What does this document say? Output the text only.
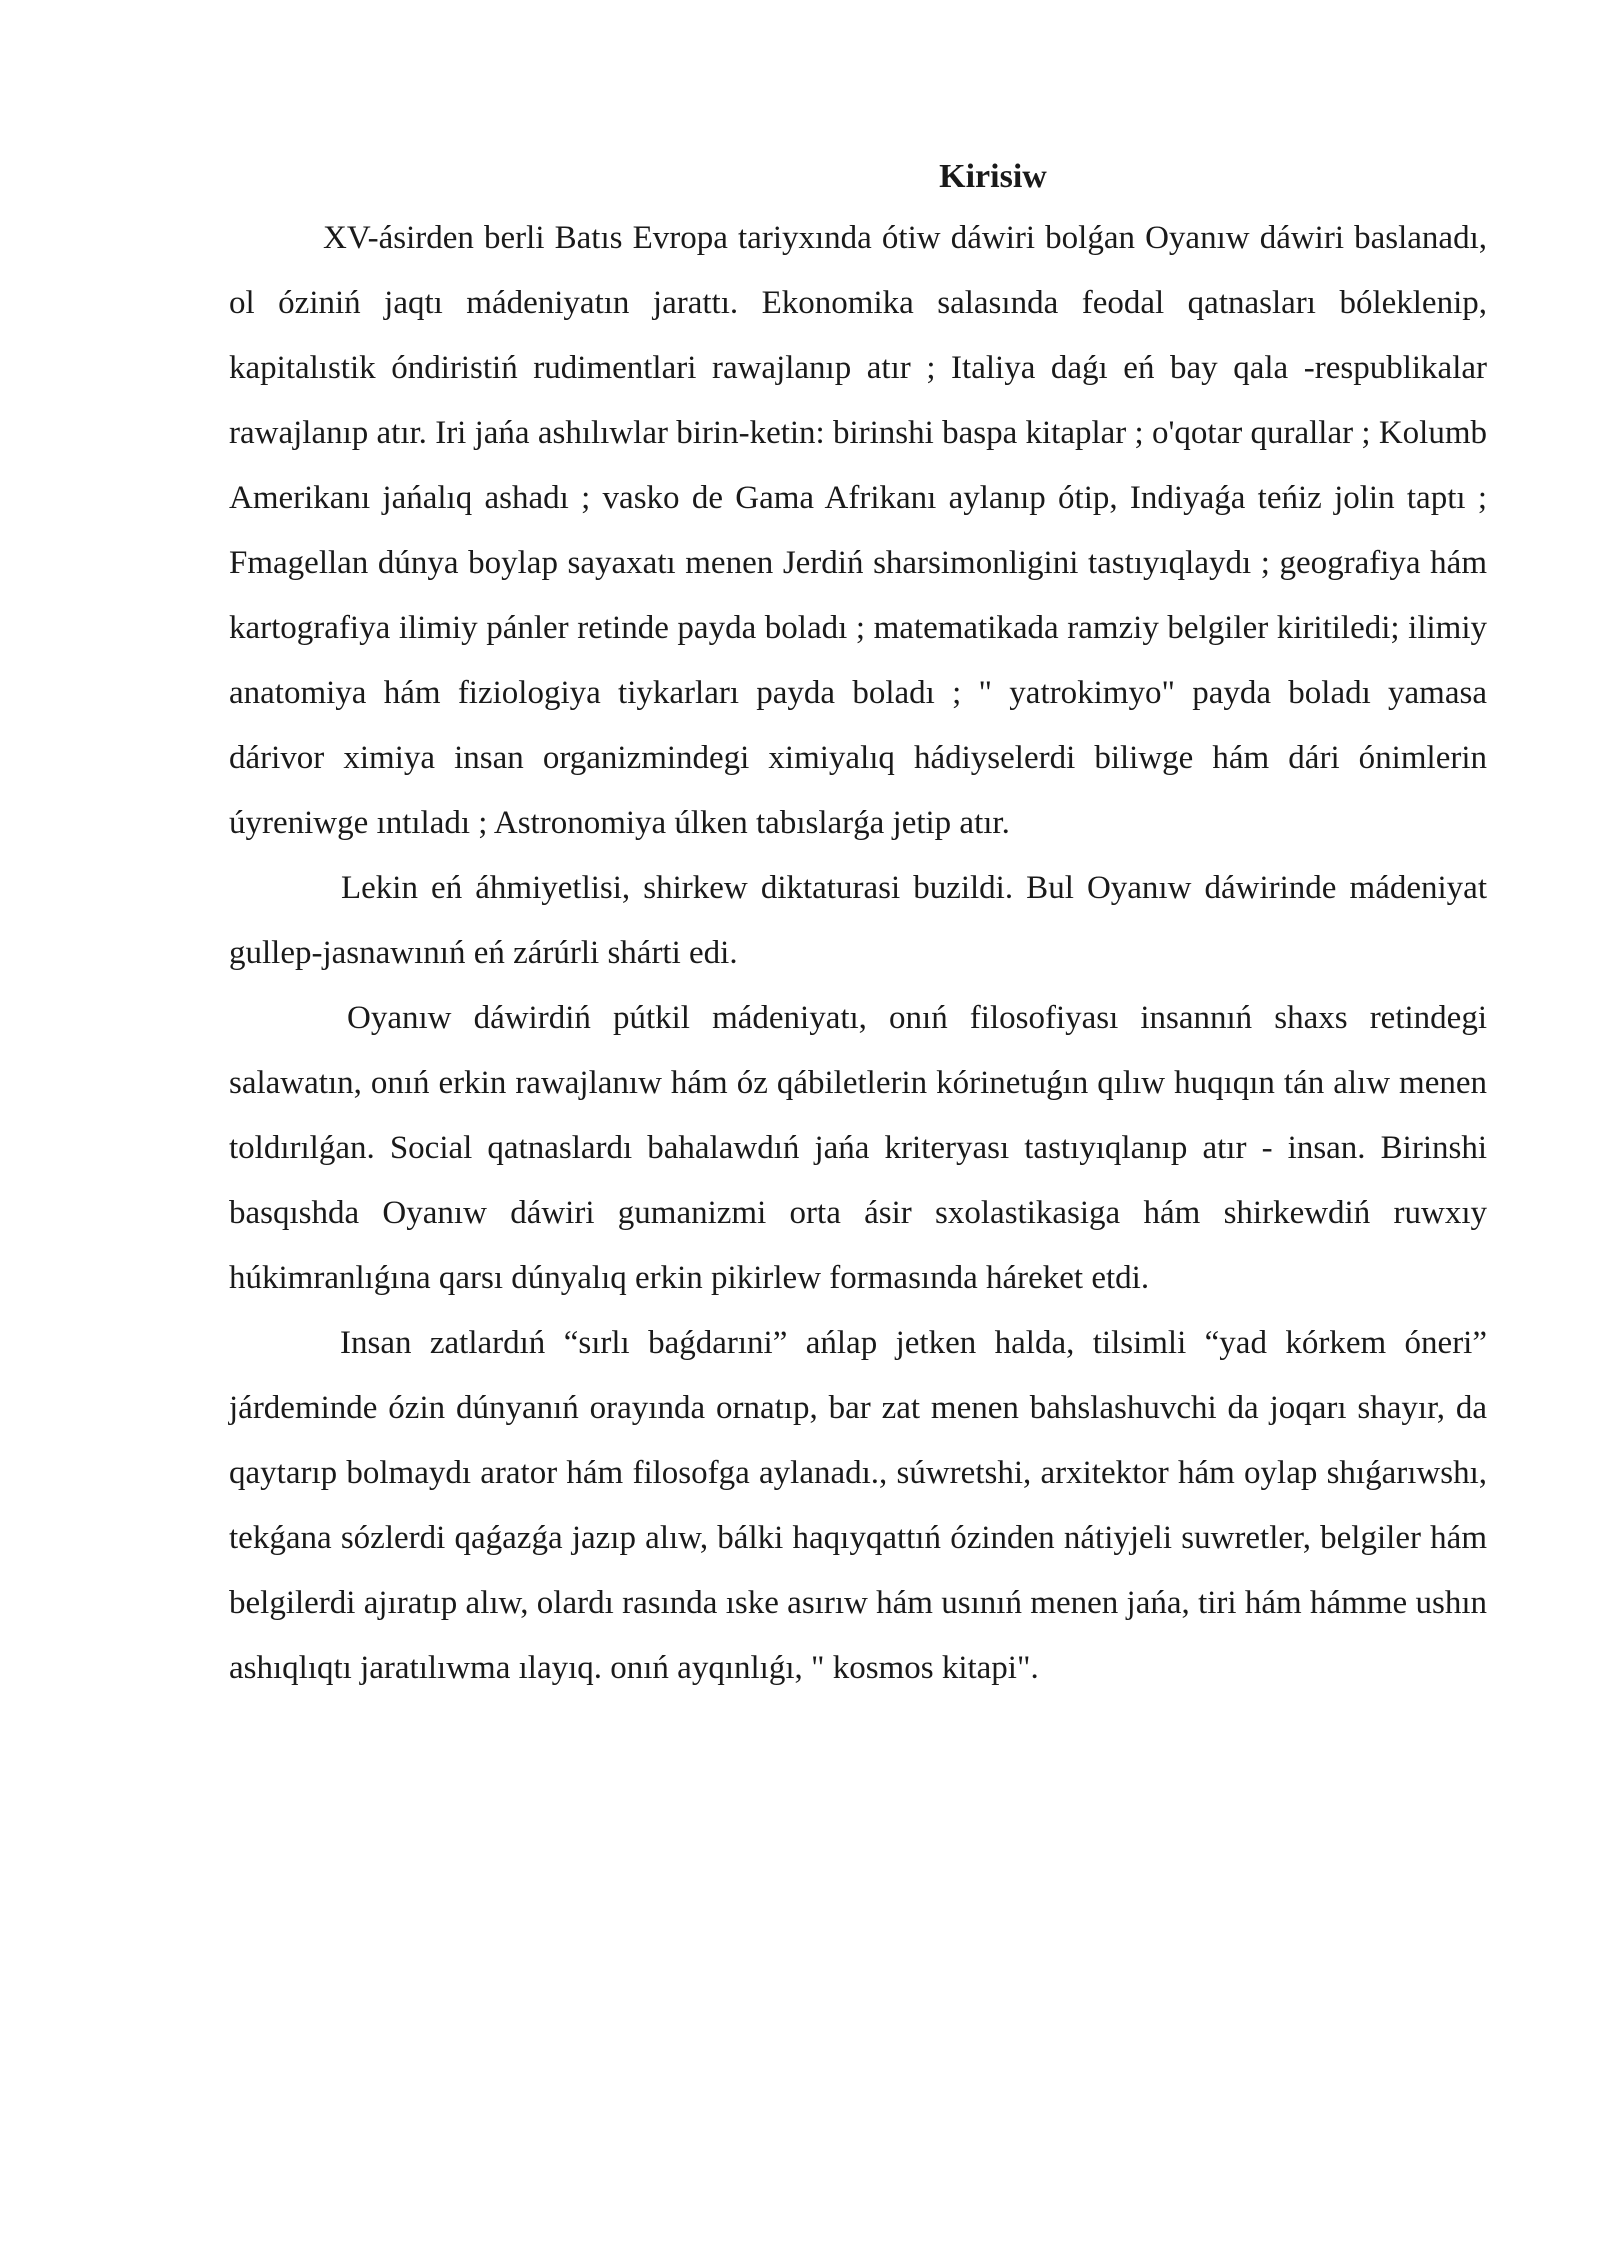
Kirisiw

XV-ásirden berli Batıs Evropa tariyxında ótiw dáwiri bolǵan Oyanıw dáwiri baslanadı, ol óziniń jaqtı mádeniyatın jarattı. Ekonomika salasında feodal qatnasları bóleklenip, kapitalıstik óndiristiń rudimentlari rawajlanıp atır ; Italiya daǵı eń bay qala -respublikalar rawajlanıp atır. Iri jańa ashılıwlar birin-ketin: birinshi baspa kitaplar ; o'qotar qurallar ; Kolumb Amerikanı jańalıq ashadı ; vasko de Gama Afrikanı aylanıp ótip, Indiyaǵa teńiz jolin taptı ; Fmagellan dúnya boylap sayaxatı menen Jerdiń sharsimonligini tastıyıqlaydı ; geografiya hám kartografiya ilimiy pánler retinde payda boladı ; matematikada ramziy belgiler kiritiledi; ilimiy anatomiya hám fiziologiya tiykarları payda boladı ; " yatrokimyo" payda boladı yamasa dárivor ximiya insan organizmindegi ximiyalıq hádiyselerdi biliwge hám dári ónimlerin úyreniwge ıntıladı ; Astronomiya úlken tabıslarǵa jetip atır.

Lekin eń áhmiyetlisi, shirkew diktaturasi buzildi. Bul Oyanıw dáwirinde mádeniyat gullep-jasnawınıń eń zárúrli shárti edi.

Oyanıw dáwirdiń pútkil mádeniyatı, onıń filosofiyası insannıń shaxs retindegi salawatın, onıń erkin rawajlanıw hám óz qábiletlerin kórinetuǵın qılıw huqıqın tán alıw menen toldırılǵan. Social qatnaslardı bahalawdıń jańa kriteryası tastıyıqlanıp atır - insan. Birinshi basqıshda Oyanıw dáwiri gumanizmi orta ásir sxolastikasiga hám shirkewdiń ruwxıy húkimranlıǵına qarsı dúnyalıq erkin pikirlew formasında háreket etdi.

Insan zatlardıń “sırlı baǵdarıni” ańlap jetken halda, tilsimli “yad kórkem óneri” járdeminde ózin dúnyanıń orayında ornatıp, bar zat menen bahslashuvchi da joqarı shayır, da qaytarıp bolmaydı arator hám filosofga aylanadı., súwretshi, arxitektor hám oylap shıǵarıwshı, tekǵana sózlerdi qaǵazǵa jazıp alıw, bálki haqıyqattıń ózinden nátiyjeli suwretler, belgiler hám belgilerdi ajıratıp alıw, olardı rasında ıske asırıw hám usınıń menen jańa, tiri hám hámme ushın ashıqlıqtı jaratılıwma ılayıq. onıń ayqınlıǵı, " kosmos kitapi".
